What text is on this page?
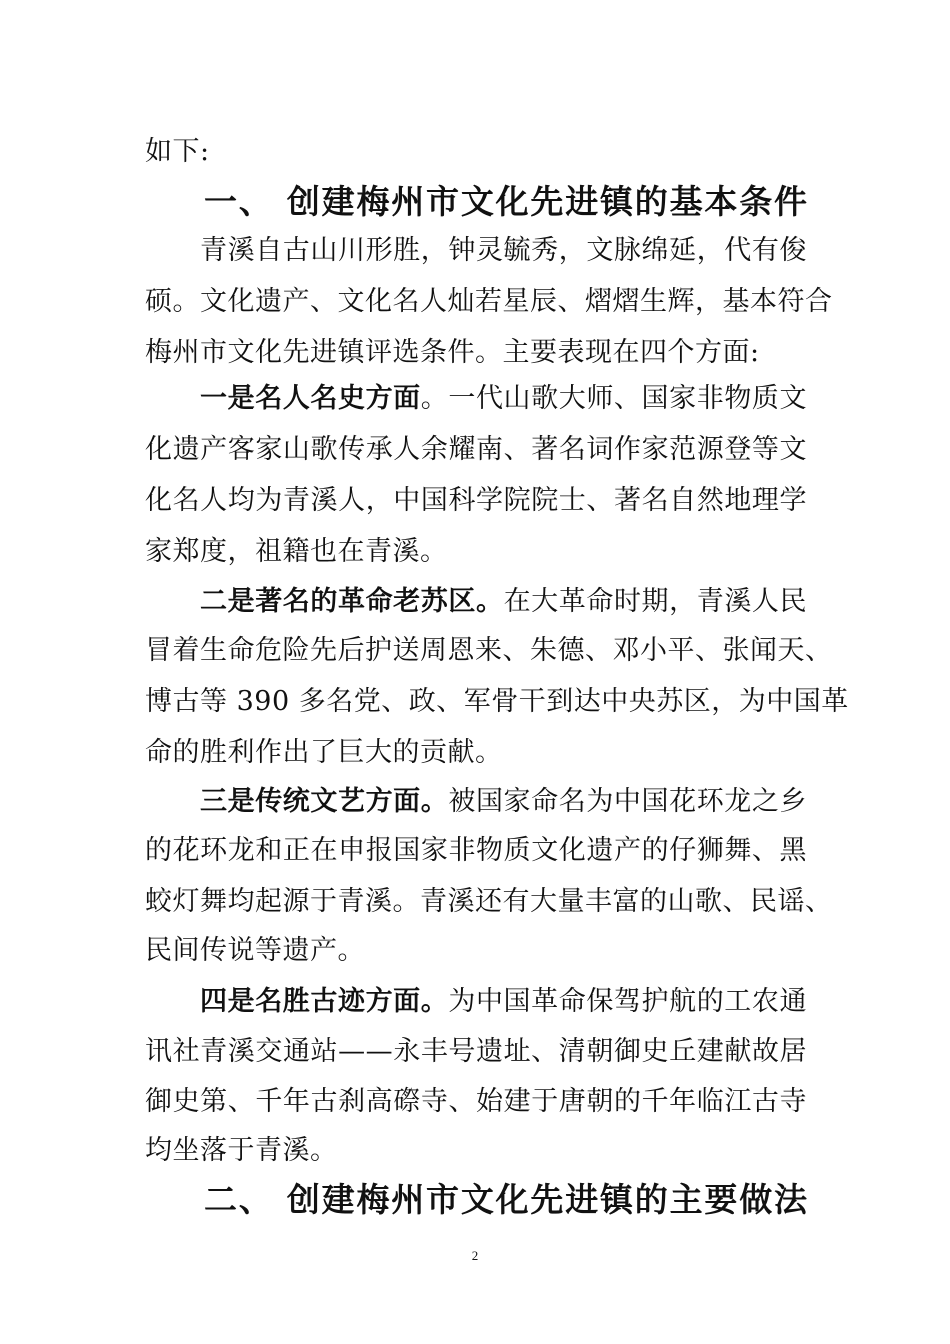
如下:
一、 创建梅州市文化先进镇的基本条件
青溪自古山川形胜，钟灵毓秀，文脉绵延，代有俊
硕。文化遗产、文化名人灿若星辰、熠熠生辉，基本符合
梅州市文化先进镇评选条件。主要表现在四个方面:
一是名人名史方面。一代山歌大师、国家非物质文
化遗产客家山歌传承人余耀南、著名词作家范源登等文
化名人均为青溪人，中国科学院院士、著名自然地理学
家郑度，祖籍也在青溪。
二是著名的革命老苏区。在大革命时期，青溪人民
冒着生命危险先后护送周恩来、朱德、邓小平、张闻天、
博古等 390 多名党、政、军骨干到达中央苏区，为中国革
命的胜利作出了巨大的贡献。
三是传统文艺方面。被国家命名为中国花环龙之乡
的花环龙和正在申报国家非物质文化遗产的仔狮舞、黑
蛟灯舞均起源于青溪。青溪还有大量丰富的山歌、民谣、
民间传说等遗产。
四是名胜古迹方面。为中国革命保驾护航的工农通
讯社青溪交通站——永丰号遗址、清朝御史丘建献故居
御史第、千年古刹高磜寺、始建于唐朝的千年临江古寺
均坐落于青溪。
二、 创建梅州市文化先进镇的主要做法
2
